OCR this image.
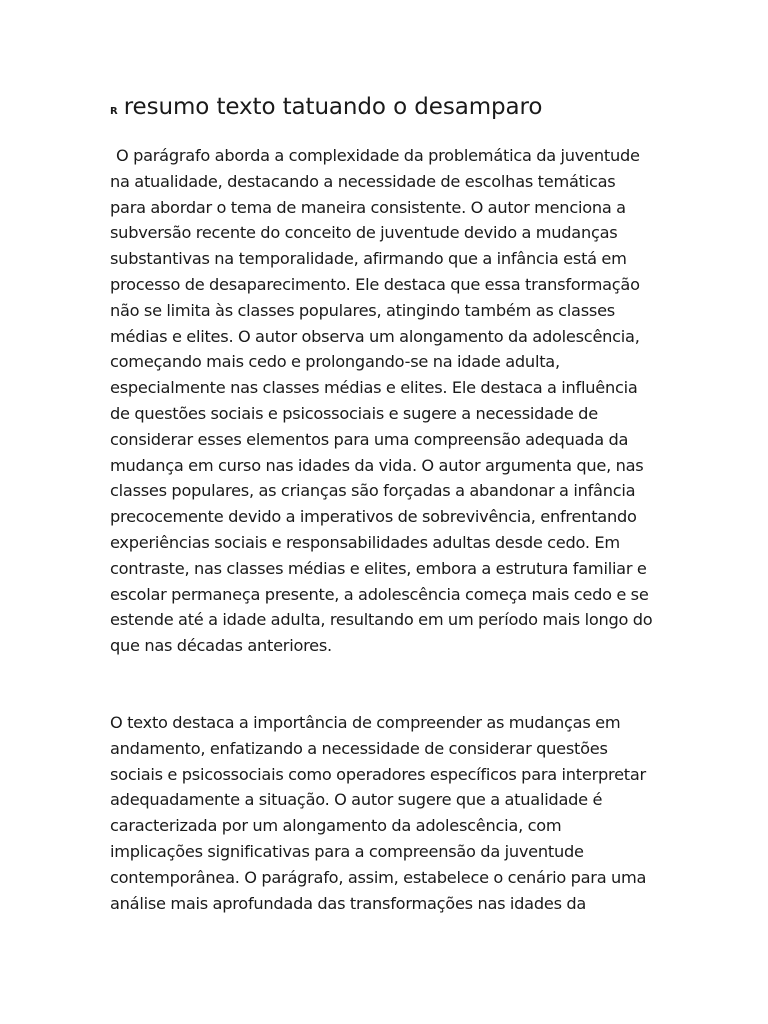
R resumo texto tatuando o desamparo

O parágrafo aborda a complexidade da problemática da juventude na atualidade, destacando a necessidade de escolhas temáticas para abordar o tema de maneira consistente. O autor menciona a subversão recente do conceito de juventude devido a mudanças substantivas na temporalidade, afirmando que a infância está em processo de desaparecimento. Ele destaca que essa transformação não se limita às classes populares, atingindo também as classes médias e elites. O autor observa um alongamento da adolescência, começando mais cedo e prolongando-se na idade adulta, especialmente nas classes médias e elites. Ele destaca a influência de questões sociais e psicossociais e sugere a necessidade de considerar esses elementos para uma compreensão adequada da mudança em curso nas idades da vida. O autor argumenta que, nas classes populares, as crianças são forçadas a abandonar a infância precocemente devido a imperativos de sobrevivência, enfrentando experiências sociais e responsabilidades adultas desde cedo. Em contraste, nas classes médias e elites, embora a estrutura familiar e escolar permaneça presente, a adolescência começa mais cedo e se estende até a idade adulta, resultando em um período mais longo do que nas décadas anteriores.

O texto destaca a importância de compreender as mudanças em andamento, enfatizando a necessidade de considerar questões sociais e psicossociais como operadores específicos para interpretar adequadamente a situação. O autor sugere que a atualidade é caracterizada por um alongamento da adolescência, com implicações significativas para a compreensão da juventude contemporânea. O parágrafo, assim, estabelece o cenário para uma análise mais aprofundada das transformações nas idades da
